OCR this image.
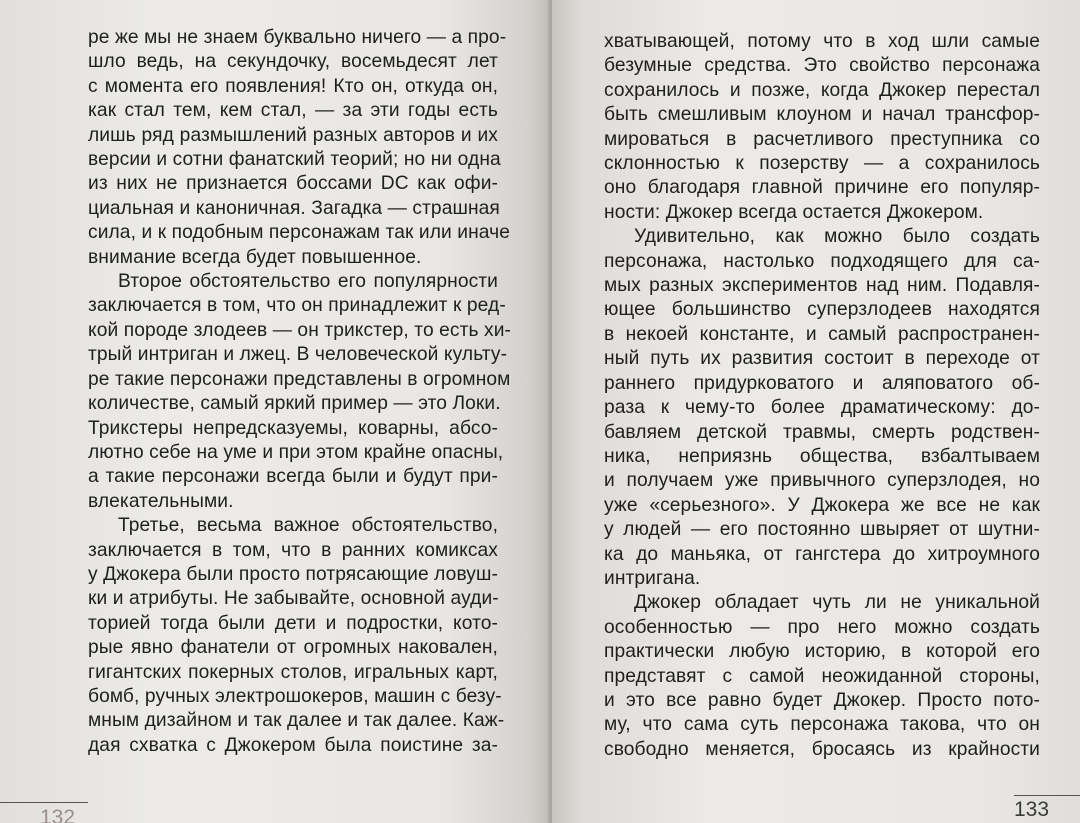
ре же мы не знаем буквально ничего — а про-
шло ведь, на секундочку, восемьдесят лет
с момента его появления! Кто он, откуда он,
как стал тем, кем стал, — за эти годы есть
лишь ряд размышлений разных авторов и их
версии и сотни фанатский теорий; но ни одна
из них не признается боссами DC как офи-
циальная и каноничная. Загадка — страшная
сила, и к подобным персонажам так или иначе
внимание всегда будет повышенное.
Второе обстоятельство его популярности
заключается в том, что он принадлежит к ред-
кой породе злодеев — он трикстер, то есть хи-
трый интриган и лжец. В человеческой культу-
ре такие персонажи представлены в огромном
количестве, самый яркий пример — это Локи.
Трикстеры непредсказуемы, коварны, абсо-
лютно себе на уме и при этом крайне опасны,
а такие персонажи всегда были и будут при-
влекательными.
Третье, весьма важное обстоятельство,
заключается в том, что в ранних комиксах
у Джокера были просто потрясающие ловуш-
ки и атрибуты. Не забывайте, основной ауди-
торией тогда были дети и подростки, кото-
рые явно фанатели от огромных наковален,
гигантских покерных столов, игральных карт,
бомб, ручных электрошокеров, машин с безу-
мным дизайном и так далее и так далее. Каж-
дая схватка с Джокером была поистине за-
132
хватывающей, потому что в ход шли самые
безумные средства. Это свойство персонажа
сохранилось и позже, когда Джокер перестал
быть смешливым клоуном и начал трансфор-
мироваться в расчетливого преступника со
склонностью к позерству — а сохранилось
оно благодаря главной причине его популяр-
ности: Джокер всегда остается Джокером.
Удивительно, как можно было создать
персонажа, настолько подходящего для са-
мых разных экспериментов над ним. Подавля-
ющее большинство суперзлодеев находятся
в некоей константе, и самый распространен-
ный путь их развития состоит в переходе от
раннего придурковатого и аляповатого об-
раза к чему-то более драматическому: до-
бавляем детской травмы, смерть родствен-
ника, неприязнь общества, взбалтываем
и получаем уже привычного суперзлодея, но
уже «серьезного». У Джокера же все не как
у людей — его постоянно швыряет от шутни-
ка до маньяка, от гангстера до хитроумного
интригана.
Джокер обладает чуть ли не уникальной
особенностью — про него можно создать
практически любую историю, в которой его
представят с самой неожиданной стороны,
и это все равно будет Джокер. Просто пото-
му, что сама суть персонажа такова, что он
свободно меняется, бросаясь из крайности
133
